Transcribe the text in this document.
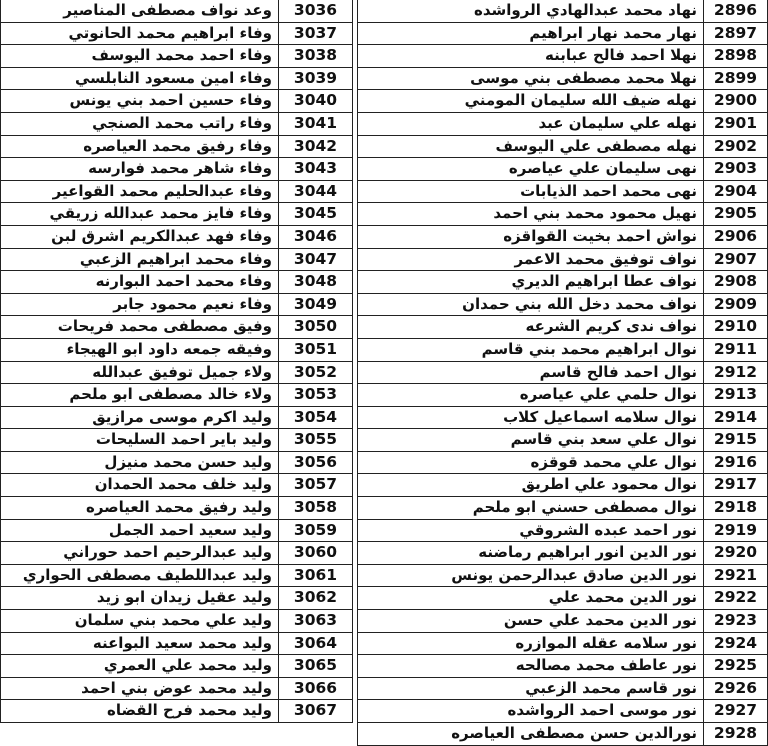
وعد نواف مصطفى المناصير	3036
وفاء ابراهيم محمد الحانوتي	3037
وفاء احمد محمد اليوسف	3038
وفاء امين مسعود النابلسي	3039
وفاء حسين احمد بني يونس	3040
وفاء راتب محمد الصنجي	3041
وفاء رفيق محمد العياصره	3042
وفاء شاهر محمد فوارسه	3043
وفاء عبدالحليم محمد القواعير	3044
وفاء فايز محمد عبدالله زريقي	3045
وفاء فهد عبدالكريم اشرق لبن	3046
وفاء محمد ابراهيم الزعبي	3047
وفاء محمد احمد البوارنه	3048
وفاء نعيم محمود جابر	3049
وفيق مصطفى محمد فريحات	3050
وفيقه جمعه داود ابو الهيجاء	3051
ولاء جميل توفيق عبدالله	3052
ولاء خالد مصطفى ابو ملحم	3053
وليد اكرم موسى مرازيق	3054
وليد باير احمد السليحات	3055
وليد حسن محمد منيزل	3056
وليد خلف محمد الحمدان	3057
وليد رفيق محمد العياصره	3058
وليد سعيد احمد الجمل	3059
وليد عبدالرحيم احمد حوراني	3060
وليد عبداللطيف مصطفى الحواري	3061
وليد عقيل زيدان ابو زيد	3062
وليد علي محمد بني سلمان	3063
وليد محمد سعيد البواعنه	3064
وليد محمد علي العمري	3065
وليد محمد عوض بني احمد	3066
وليد محمد فرح القضاه	3067
نهاد محمد عبدالهادي الرواشده	2896
نهار محمد نهار ابراهيم	2897
نهلا احمد فالح عبابنه	2898
نهلا محمد مصطفى بني موسى	2899
نهله ضيف الله سليمان المومني	2900
نهله علي سليمان عبد	2901
نهله مصطفى علي اليوسف	2902
نهى سليمان علي عياصره	2903
نهى محمد احمد الذيابات	2904
نهيل محمود محمد بني احمد	2905
نواش احمد بخيت القواقزه	2906
نواف توفيق محمد الاعمر	2907
نواف عطا ابراهيم الديري	2908
نواف محمد دخل الله بني حمدان	2909
نواف ندى كريم الشرعه	2910
نوال ابراهيم محمد بني قاسم	2911
نوال احمد فالح قاسم	2912
نوال حلمي علي عياصره	2913
نوال سلامه اسماعيل كلاب	2914
نوال علي سعد بني قاسم	2915
نوال علي محمد قوقزه	2916
نوال محمود علي اطريق	2917
نوال مصطفى حسني ابو ملحم	2918
نور احمد عبده الشروقي	2919
نور الدين انور ابراهيم رماضنه	2920
نور الدين صادق عبدالرحمن يونس	2921
نور الدين محمد علي	2922
نور الدين محمد علي حسن	2923
نور سلامه عقله الموازره	2924
نور عاطف محمد مصالحه	2925
نور قاسم محمد الزعبي	2926
نور موسى احمد الرواشده	2927
نورالدين حسن مصطفى العياصره	2928
